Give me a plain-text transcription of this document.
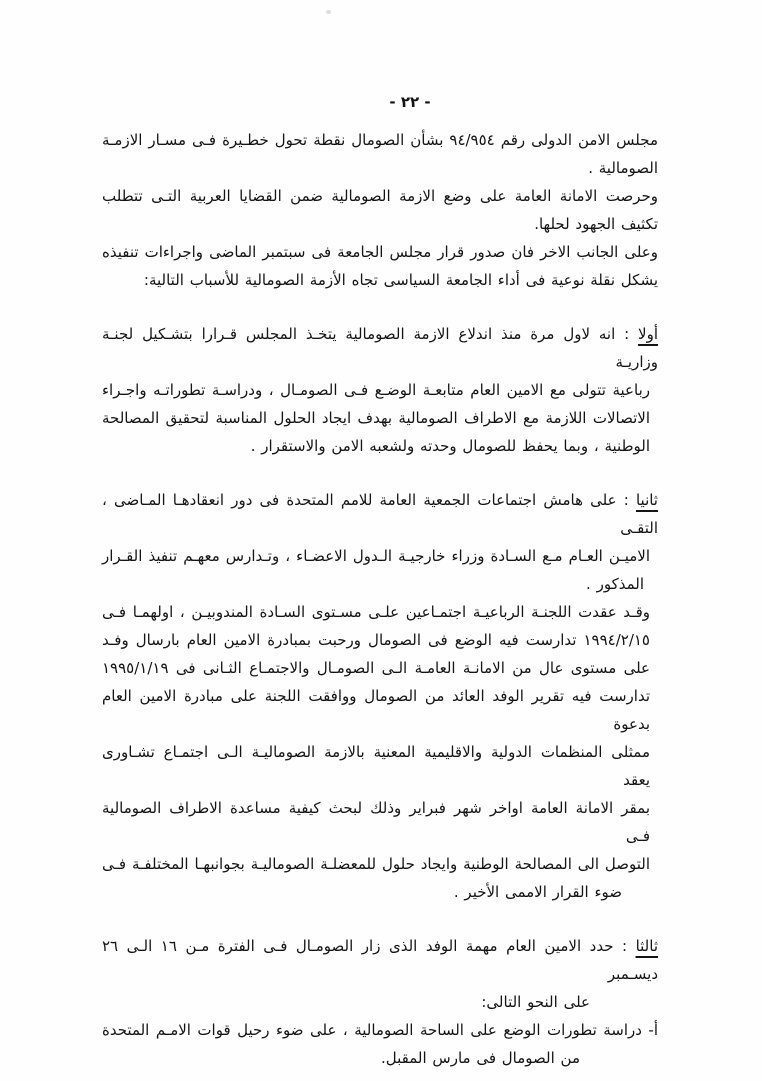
- ٢٢ -
مجلس الامن الدولى رقم ٩٤/٩٥٤ بشأن الصومال نقطة تحول خطـيرة فـى مسـار الازمـة
الصومالية .
وحرصت الامانة العامة على وضع الازمة الصومالية ضمن القضايا العربية التـى تتطلب
تكثيف الجهود لحلها.
وعلى الجانب الاخر فان صدور قرار مجلس الجامعة فى سبتمبر الماضى واجراءات تنفيذه
يشكل نقلة نوعية فى أداء الجامعة السياسى تجاه الأزمة الصومالية للأسباب التالية:
أولا : انه لاول مرة منذ اندلاع الازمة الصومالية يتخـذ المجلس قـرارا بتشـكيل لجنـة وزاريـة
رباعية تتولى مع الامين العام متابعـة الوضـع فـى الصومـال ، ودراسـة تطوراتـه واجـراء
الاتصالات اللازمة مع الاطراف الصومالية بهدف ايجاد الحلول المناسبة لتحقيق المصالحة
الوطنية ، وبما يحفظ للصومال وحدته ولشعبه الامن والاستقرار .
ثانيا : على هامش اجتماعات الجمعية العامة للامم المتحدة فى دور انعقادهـا المـاضى ، التقـى
الاميـن العـام مـع السـادة وزراء خارجيـة الـدول الاعضـاء ، وتـدارس معهـم تنفيذ القـرار
المذكور .
وقـد عقدت اللجنـة الرباعيـة اجتمـاعين علـى مسـتوى السـادة المندوبيـن ، اولهمـا فـى
١٩٩٤/٢/١٥ تدارست فيه الوضع فى الصومال ورحبت بمبادرة الامين العام بارسال وفـد
على مستوى عال من الامانـة العامـة الـى الصومـال والاجتمـاع الثـانى فى ١٩٩٥/١/١٩
تدارست فيه تقرير الوفد العائد من الصومال ووافقت اللجنة على مبادرة الامين العام بدعوة
ممثلى المنظمات الدولية والاقليمية المعنية بالازمة الصوماليـة الـى اجتمـاع تشـاورى يعقد
بمقر الامانة العامة اواخر شهر فبراير وذلك لبحث كيفية مساعدة الاطراف الصومالية فـى
التوصل الى المصالحة الوطنية وايجاد حلول للمعضلـة الصوماليـة بجوانبهـا المختلفـة فـى
ضوء القرار الاممى الأخير .
ثالثا : حدد الامين العام مهمة الوفد الذى زار الصومـال فـى الفترة مـن ١٦ الـى ٢٦ ديسـمبر
على النحو التالى:
أ- دراسة تطورات الوضع على الساحة الصومالية ، على ضوء رحيل قوات الامـم المتحدة
من الصومال فى مارس المقبل.
